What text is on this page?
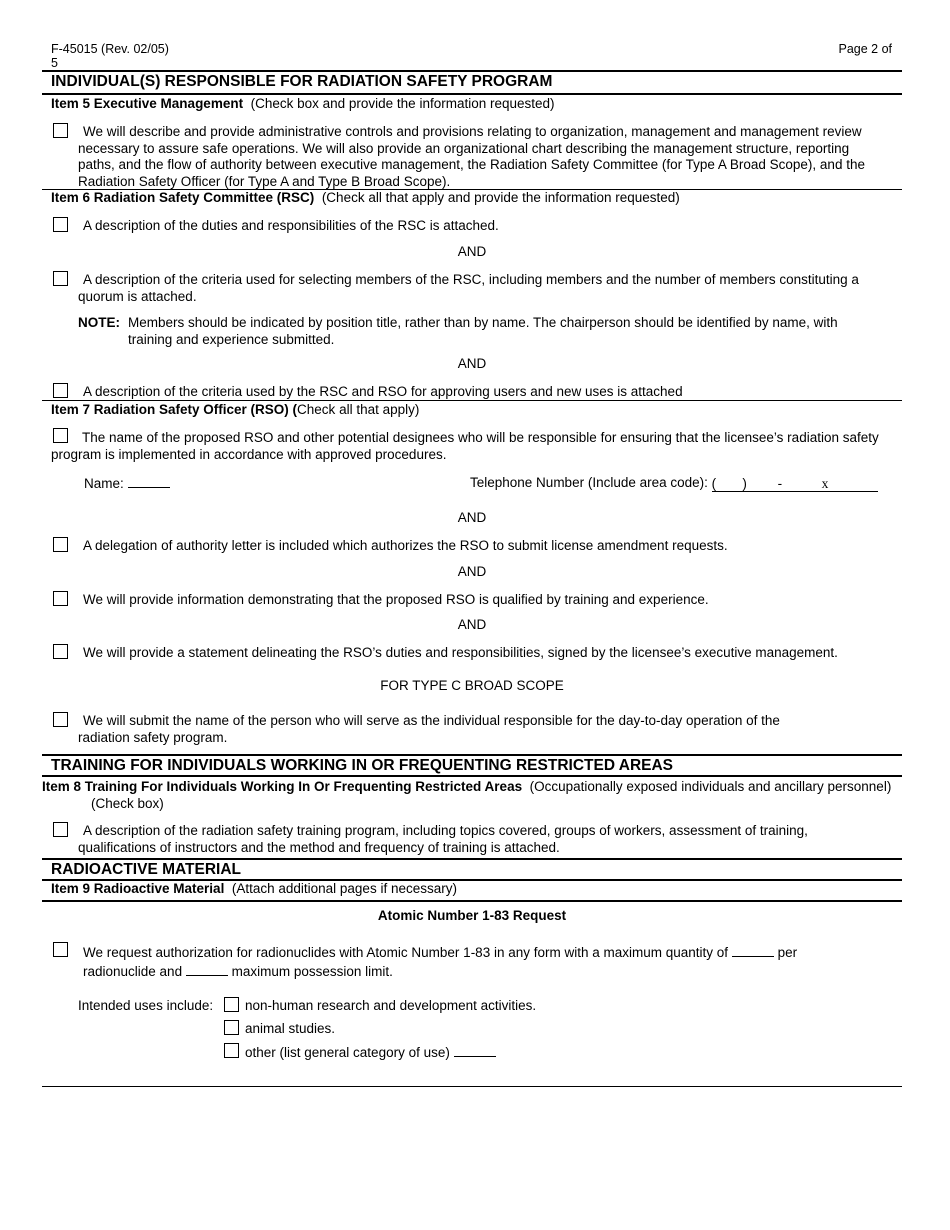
F-45015 (Rev. 02/05)
5
Page 2 of
INDIVIDUAL(S) RESPONSIBLE FOR RADIATION SAFETY PROGRAM
Item 5 Executive Management (Check box and provide the information requested)
We will describe and provide administrative controls and provisions relating to organization, management and management review necessary to assure safe operations. We will also provide an organizational chart describing the management structure, reporting paths, and the flow of authority between executive management, the Radiation Safety Committee (for Type A Broad Scope), and the Radiation Safety Officer (for Type A and Type B Broad Scope).
Item 6 Radiation Safety Committee (RSC) (Check all that apply and provide the information requested)
A description of the duties and responsibilities of the RSC is attached.
AND
A description of the criteria used for selecting members of the RSC, including members and the number of members constituting a quorum is attached.
NOTE: Members should be indicated by position title, rather than by name. The chairperson should be identified by name, with training and experience submitted.
AND
A description of the criteria used by the RSC and RSO for approving users and new uses is attached
Item 7 Radiation Safety Officer (RSO) (Check all that apply)
The name of the proposed RSO and other potential designees who will be responsible for ensuring that the licensee’s radiation safety program is implemented in accordance with approved procedures.
Name:	Telephone Number (Include area code): (       ) -	x
AND
A delegation of authority letter is included which authorizes the RSO to submit license amendment requests.
AND
We will provide information demonstrating that the proposed RSO is qualified by training and experience.
AND
We will provide a statement delineating the RSO’s duties and responsibilities, signed by the licensee’s executive management.
FOR TYPE C BROAD SCOPE
We will submit the name of the person who will serve as the individual responsible for the day-to-day operation of the radiation safety program.
TRAINING FOR INDIVIDUALS WORKING IN OR FREQUENTING RESTRICTED AREAS
Item 8 Training For Individuals Working In Or Frequenting Restricted Areas (Occupationally exposed individuals and ancillary personnel) (Check box)
A description of the radiation safety training program, including topics covered, groups of workers, assessment of training, qualifications of instructors and the method and frequency of training is attached.
RADIOACTIVE MATERIAL
Item 9 Radioactive Material (Attach additional pages if necessary)
Atomic Number 1-83 Request
We request authorization for radionuclides with Atomic Number 1-83 in any form with a maximum quantity of	per
radionuclide and	maximum possession limit.
Intended uses include: non-human research and development activities.
animal studies.
other (list general category of use)
